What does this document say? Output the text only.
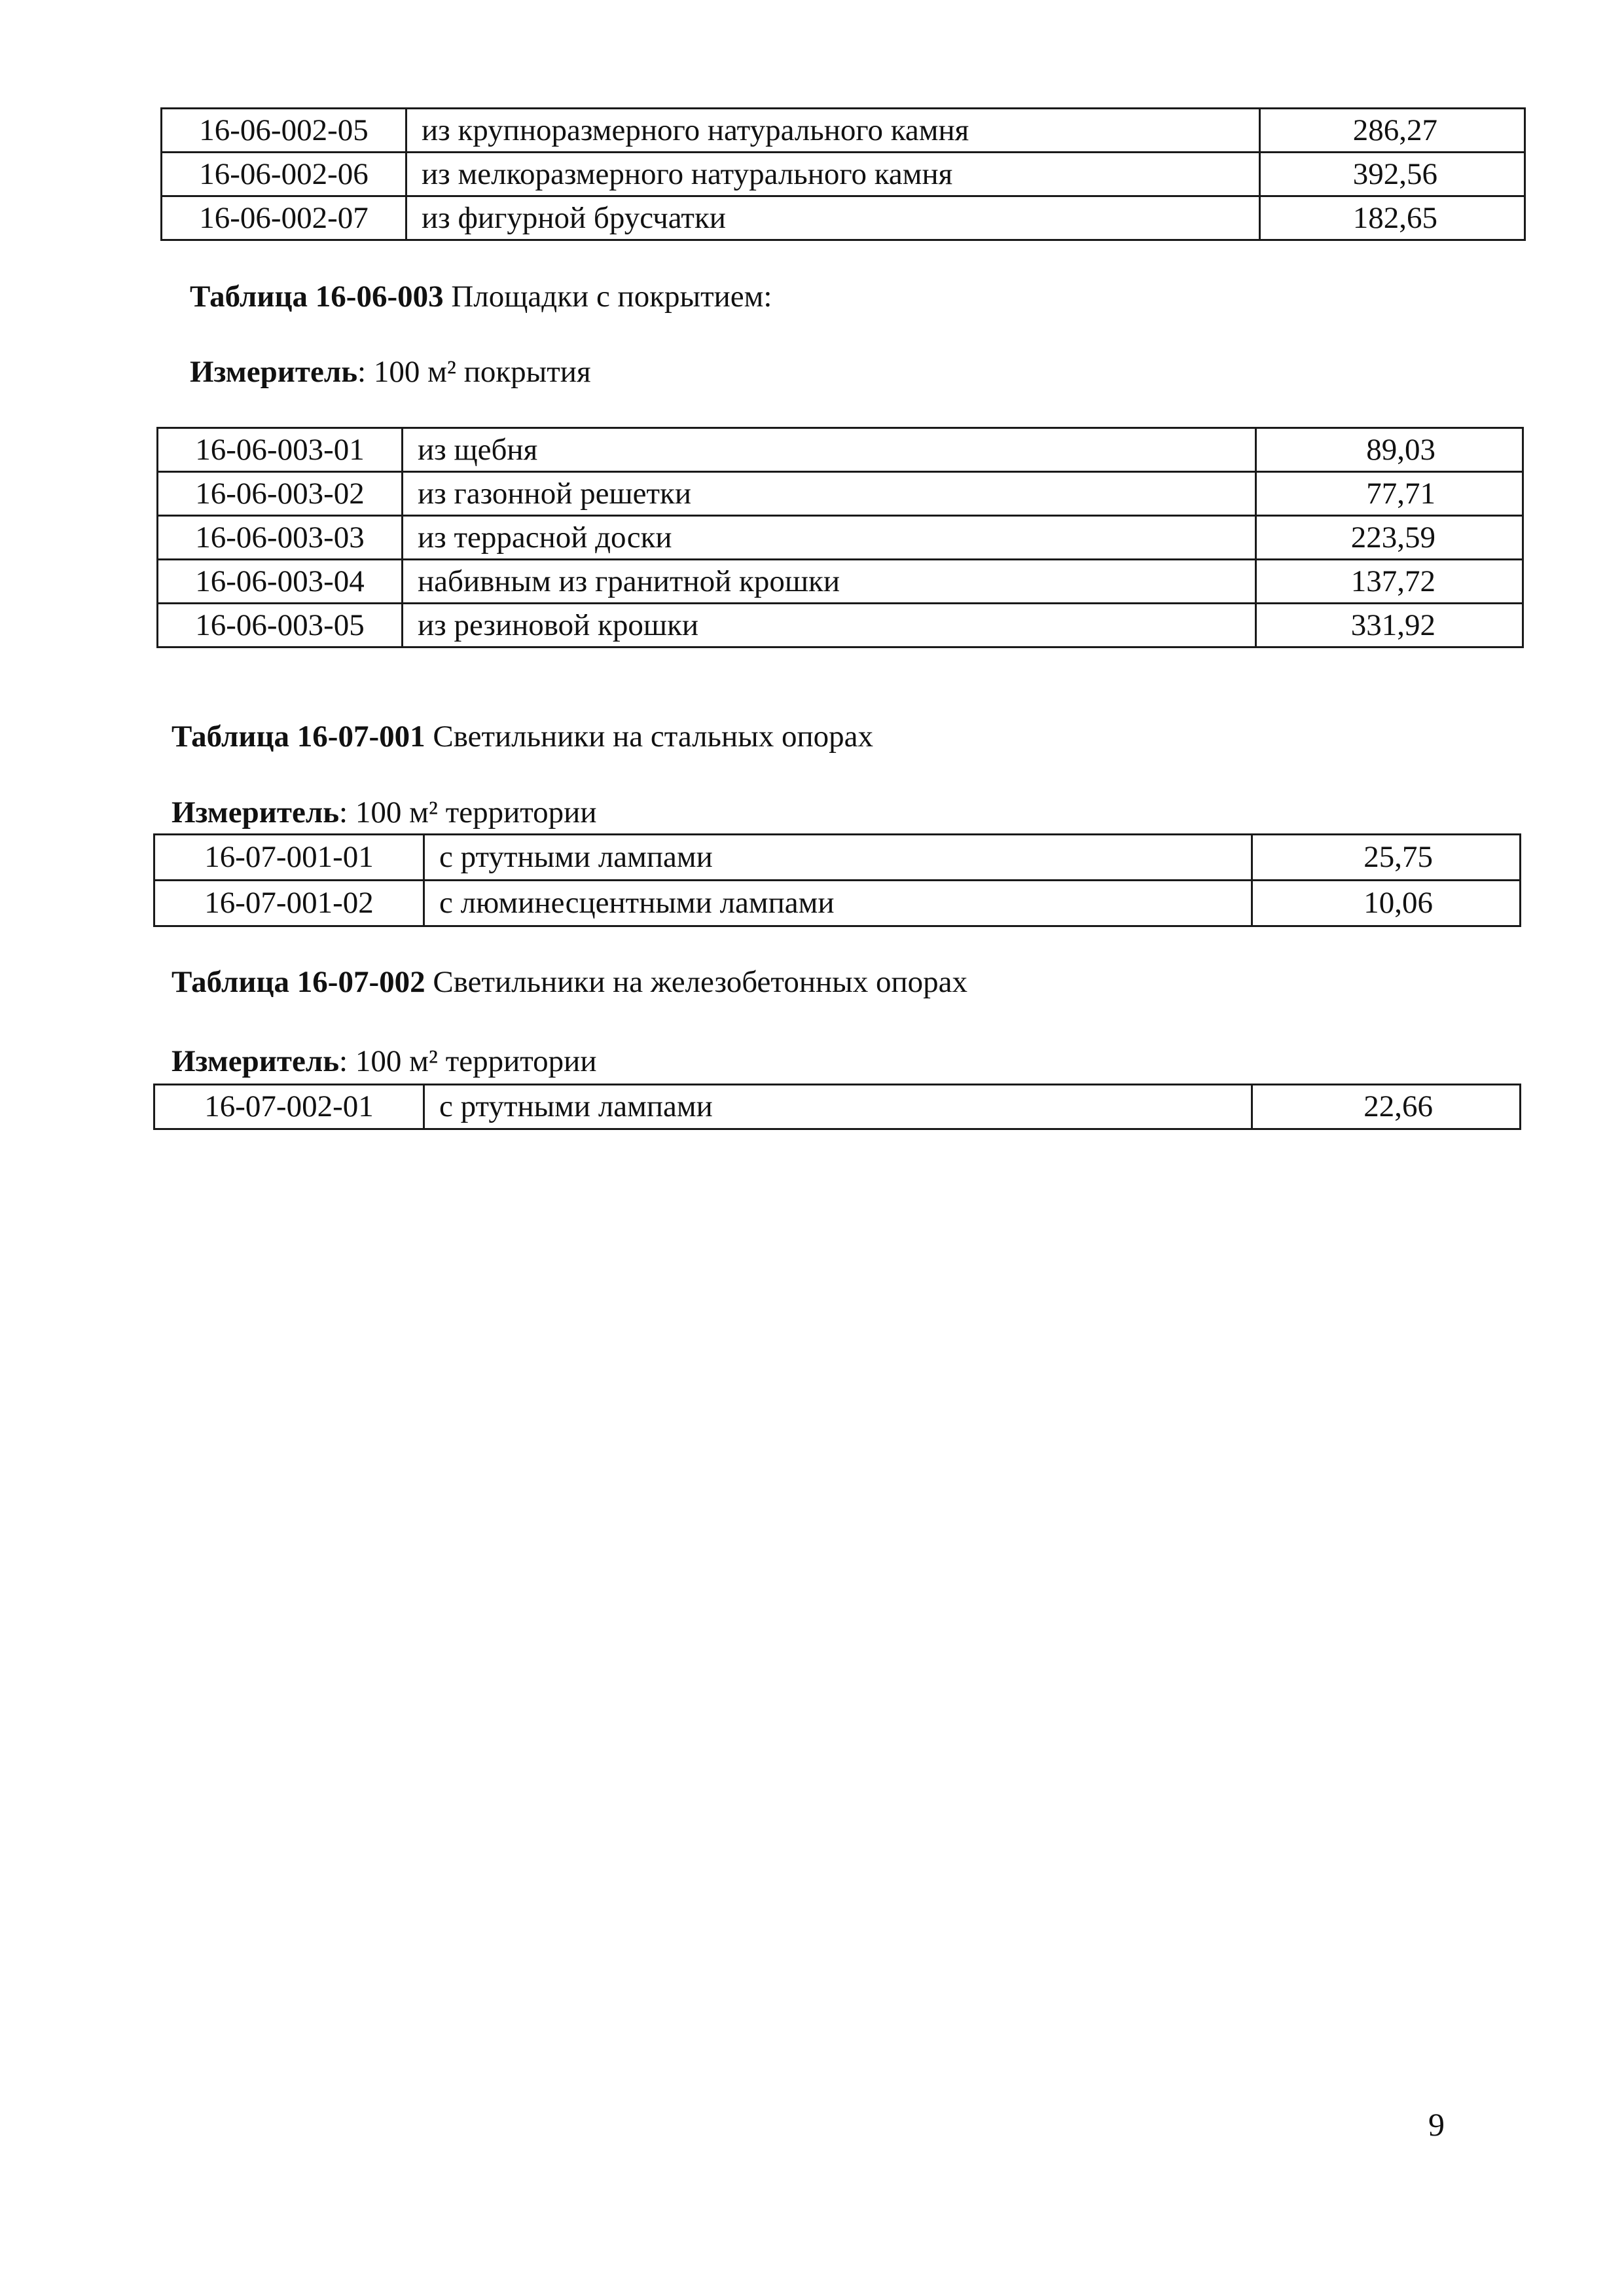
16-06-002-05	из крупноразмерного натурального камня	286,27
16-06-002-06	из мелкоразмерного натурального камня	392,56
16-06-002-07	из фигурной брусчатки	182,65
Таблица 16-06-003 Площадки с покрытием:
Измеритель: 100 м² покрытия
16-06-003-01	из щебня	89,03
16-06-003-02	из газонной решетки	77,71
16-06-003-03	из террасной доски	223,59
16-06-003-04	набивным из гранитной крошки	137,72
16-06-003-05	из резиновой крошки	331,92
Таблица 16-07-001 Светильники на стальных опорах
Измеритель: 100 м² территории
16-07-001-01	с ртутными лампами	25,75
16-07-001-02	с люминесцентными лампами	10,06
Таблица 16-07-002 Светильники на железобетонных опорах
Измеритель: 100 м² территории
16-07-002-01	с ртутными лампами	22,66
9
